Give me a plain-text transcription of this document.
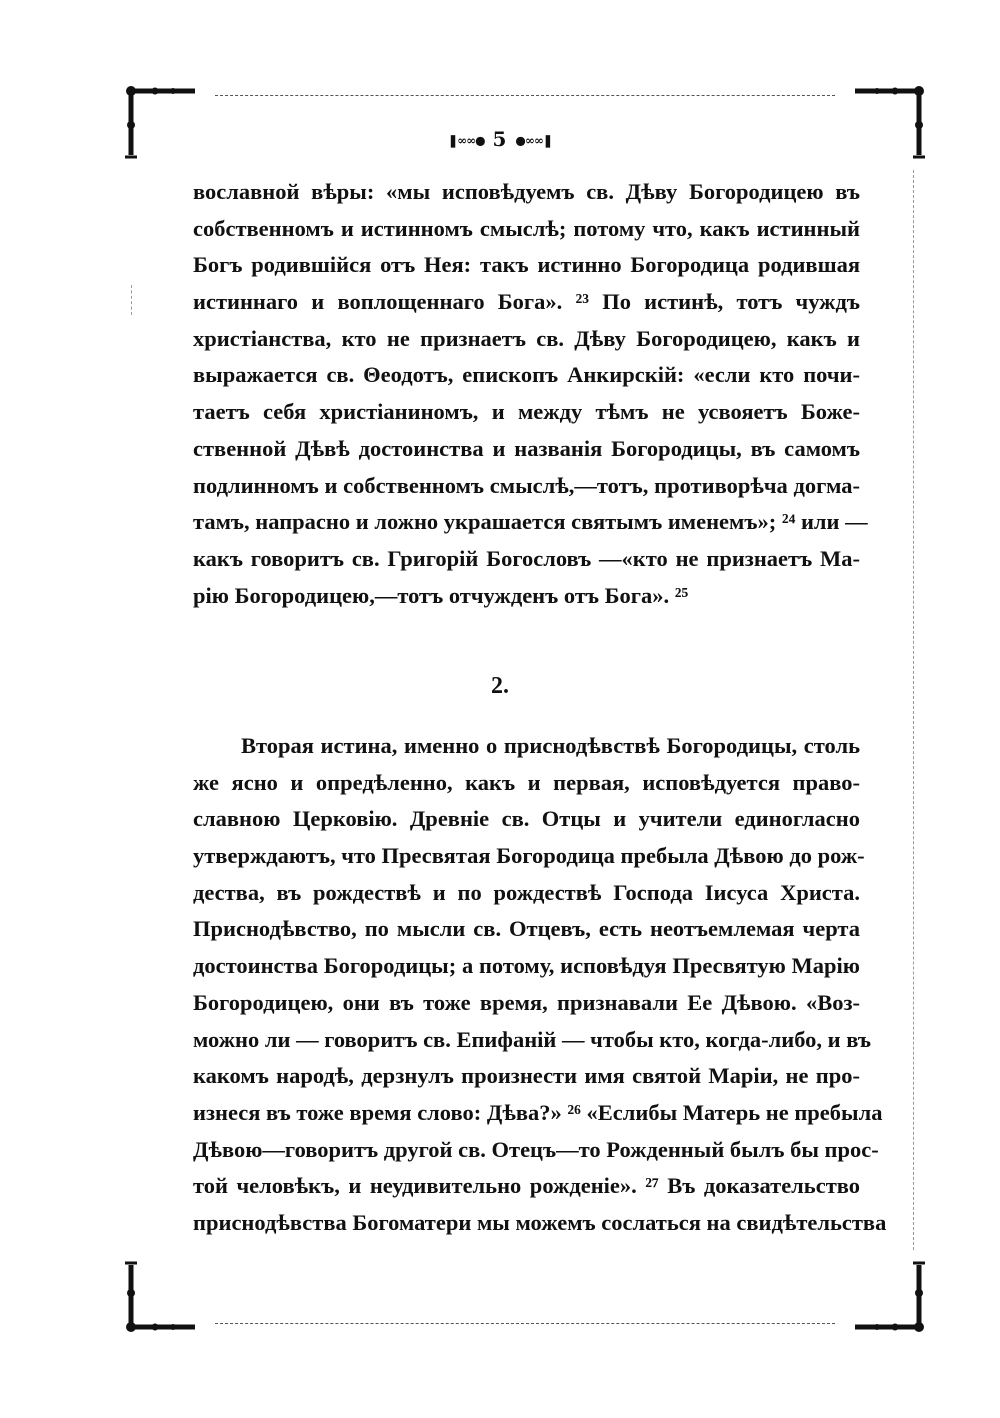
❚∞∞● 5 ●∞∞❚
вославной вѣры: «мы исповѣдуемъ св. Дѣву Богородицею въ
собственномъ и истинномъ смыслѣ; потому что, какъ истинный
Богъ родившійся отъ Нея: такъ истинно Богородица родившая
истиннаго и воплощеннаго Бога». ²³ По истинѣ, тотъ чуждъ
христіанства, кто не признаетъ св. Дѣву Богородицею, какъ и
выражается св. Θеодотъ, епископъ Анкирскій: «если кто почи-
таетъ себя христіаниномъ, и между тѣмъ не усвояетъ Боже-
ственной Дѣвѣ достоинства и названія Богородицы, въ самомъ
подлинномъ и собственномъ смыслѣ,—тотъ, противорѣча догма-
тамъ, напрасно и ложно украшается святымъ именемъ»; ²⁴ или —
какъ говоритъ св. Григорій Богословъ —«кто не признаетъ Ма-
рію Богородицею,—тотъ отчужденъ отъ Бога». ²⁵
2.
Вторая истина, именно о приснодѣвствѣ Богородицы, столь
же ясно и опредѣленно, какъ и первая, исповѣдуется право-
славною Церковію. Древніе св. Отцы и учители единогласно
утверждаютъ, что Пресвятая Богородица пребыла Дѣвою до рож-
дества, въ рождествѣ и по рождествѣ Господа Іисуса Христа.
Приснодѣвство, по мысли св. Отцевъ, есть неотъемлемая черта
достоинства Богородицы; а потому, исповѣдуя Пресвятую Марію
Богородицею, они въ тоже время, признавали Ее Дѣвою. «Воз-
можно ли — говоритъ св. Епифаній — чтобы кто, когда-либо, и въ
какомъ народѣ, дерзнулъ произнести имя святой Маріи, не про-
изнеся въ тоже время слово: Дѣва?» ²⁶ «Еслибы Матерь не пребыла
Дѣвою—говоритъ другой св. Отецъ—то Рожденный былъ бы прос-
той человѣкъ, и неудивительно рожденіе». ²⁷ Въ доказательство
приснодѣвства Богоматери мы можемъ сослаться на свидѣтельства
